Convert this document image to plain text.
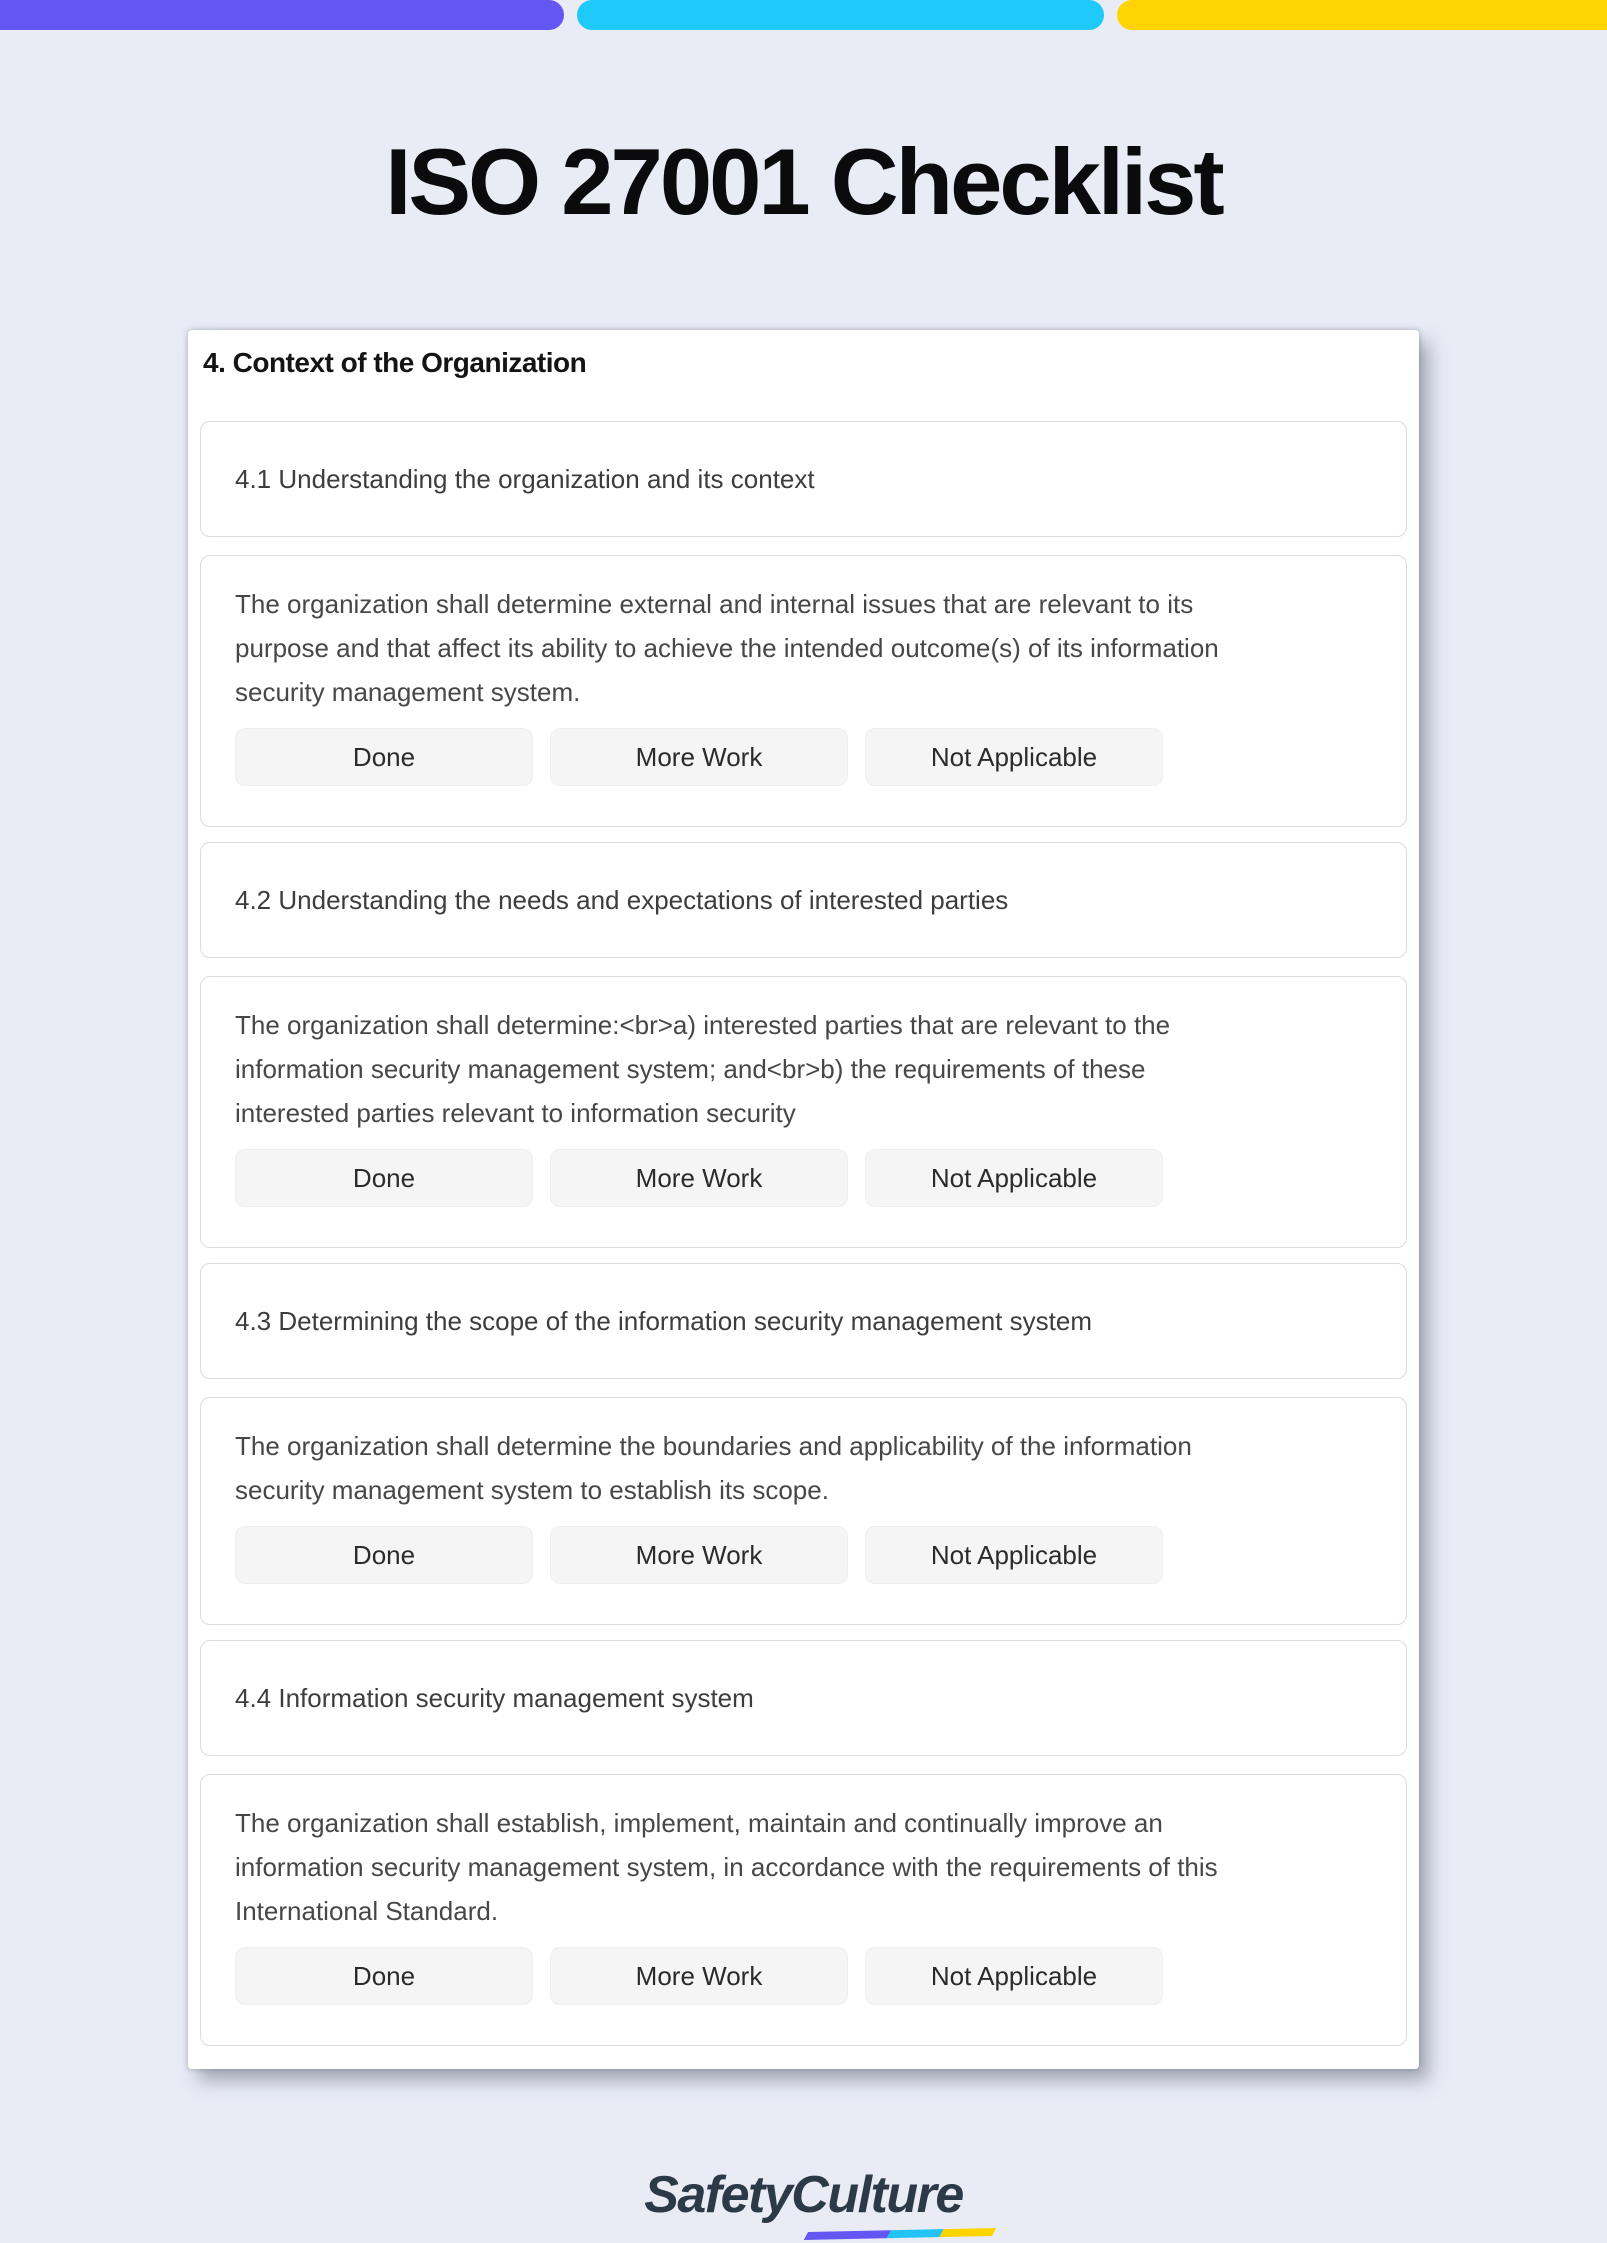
ISO 27001 Checklist
4. Context of the Organization
4.1 Understanding the organization and its context

The organization shall determine external and internal issues that are relevant to its purpose and that affect its ability to achieve the intended outcome(s) of its information security management system.

Done	More Work	Not Applicable
4.2 Understanding the needs and expectations of interested parties

The organization shall determine:<br>a) interested parties that are relevant to the information security management system; and<br>b) the requirements of these interested parties relevant to information security

Done	More Work	Not Applicable
4.3 Determining the scope of the information security management system

The organization shall determine the boundaries and applicability of the information security management system to establish its scope.

Done	More Work	Not Applicable
4.4 Information security management system

The organization shall establish, implement, maintain and continually improve an information security management system, in accordance with the requirements of this International Standard.

Done	More Work	Not Applicable
SafetyCulture
